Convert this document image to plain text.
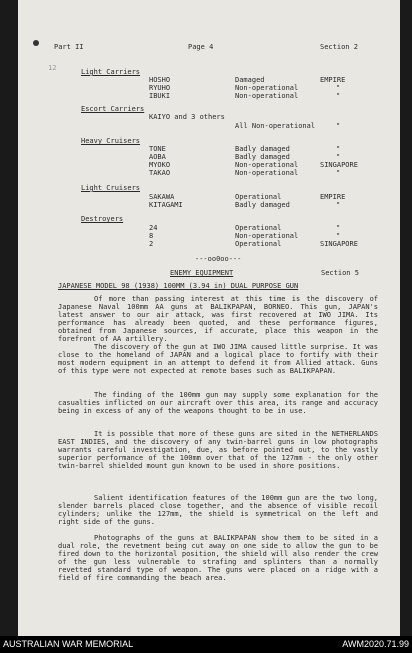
Part II	Page 4	Section 2
12	Light Carriers
HOSHO	Damaged	EMPIRE
RYUHO	Non-operational	"
IBUKI	Non-operational	"
Escort Carriers
KAIYO and 3 others
All Non-operational	"
Heavy Cruisers
TONE	Badly damaged	"
AOBA	Badly damaged	"
MYOKO	Non-operational	SINGAPORE
TAKAO	Non-operational	"
Light Cruisers
SAKAWA	Operational	EMPIRE
KITAGAMI	Badly damaged	"
Destroyers
24	Operational	"
8	Non-operational	"
2	Operational	SINGAPORE
---oo0oo---
ENEMY EQUIPMENT	Section 5
JAPANESE MODEL 98 (1938) 100MM (3.94 in) DUAL PURPOSE GUN

Of more than passing interest at this time is the discovery of Japanese Naval 100mm AA guns at BALIKPAPAN, BORNEO. This gun, JAPAN's latest answer to our air attack, was first recovered at IWO JIMA. Its performance has already been quoted, and these performance figures, obtained from Japanese sources, if accurate, place this weapon in the forefront of AA artillery.

The discovery of the gun at IWO JIMA caused little surprise. It was close to the homeland of JAPAN and a logical place to fortify with their most modern equipment in an attempt to defend it from Allied attack. Guns of this type were not expected at remote bases such as BALIKPAPAN.

The finding of the 100mm gun may supply some explanation for the casualties inflicted on our aircraft over this area, its range and accuracy being in excess of any of the weapons thought to be in use.

It is possible that more of these guns are sited in the NETHERLANDS EAST INDIES, and the discovery of any twin-barrel guns in low photographs warrants careful investigation, due, as before pointed out, to the vastly superior performance of the 100mm over that of the 127mm - the only other twin-barrel shielded mount gun known to be used in shore positions.

Salient identification features of the 100mm gun are the two long, slender barrels placed close together, and the absence of visible recoil cylinders; unlike the 127mm, the shield is symmetrical on the left and right side of the guns.

Photographs of the guns at BALIKPAPAN show them to be sited in a dual role, the revetment being cut away on one side to allow the gun to be fired down to the horizontal position, the shield will also render the crew of the gun less vulnerable to strafing and splinters than a normally revetted standard type of weapon. The guns were placed on a ridge with a field of fire commanding the beach area.

AUSTRALIAN WAR MEMORIAL	AWM2020.71.99
